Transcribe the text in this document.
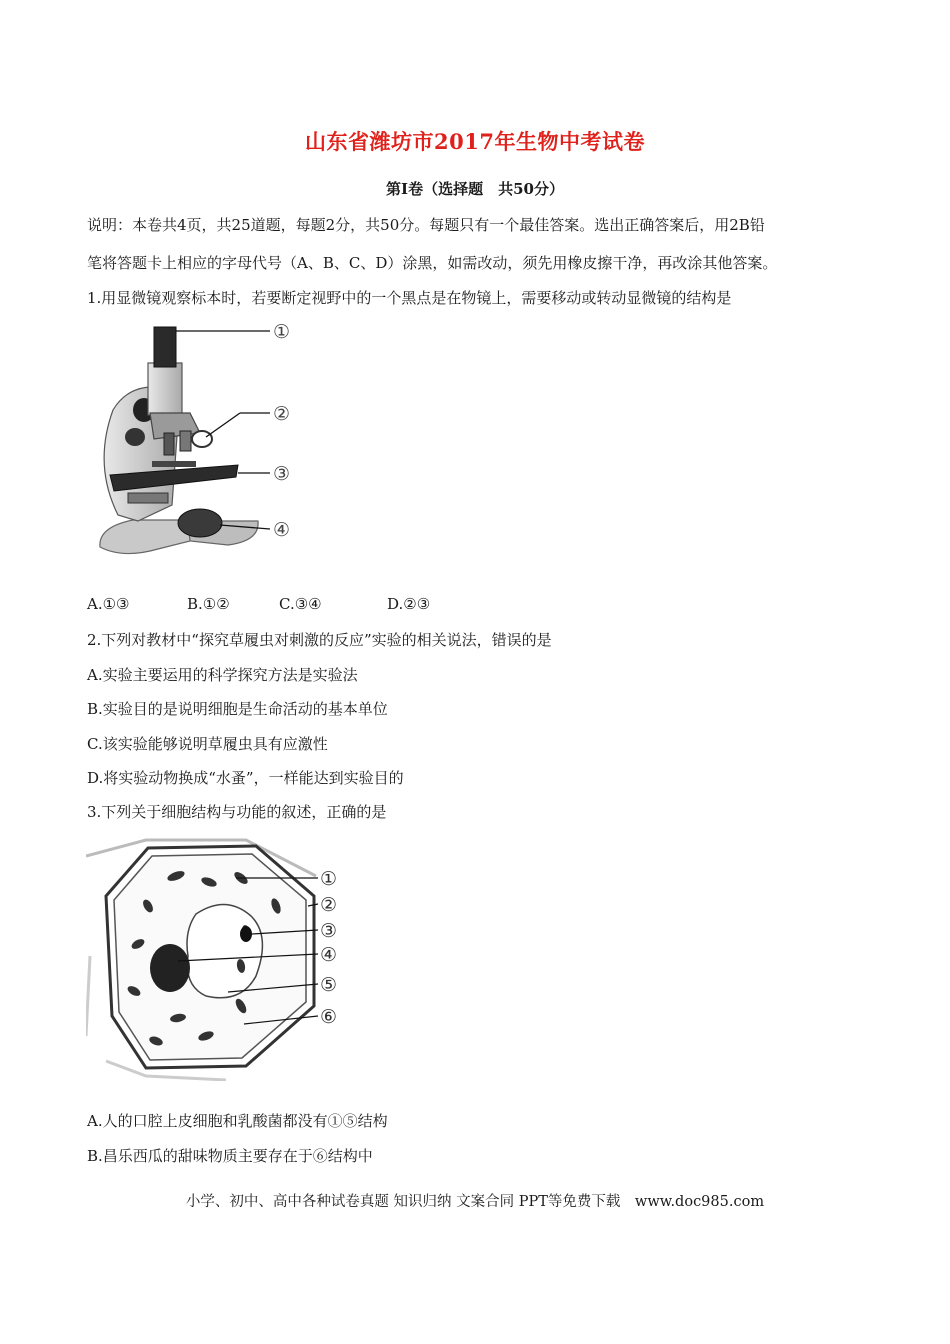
山东省潍坊市2017年生物中考试卷
第Ⅰ卷（选择题　共50分）
说明：本卷共4页，共25道题，每题2分，共50分。每题只有一个最佳答案。选出正确答案后，用2B铅
笔将答题卡上相应的字母代号（A、B、C、D）涂黑，如需改动，须先用橡皮擦干净，再改涂其他答案。
1.用显微镜观察标本时，若要断定视野中的一个黑点是在物镜上，需要移动或转动显微镜的结构是
①
②
③
④
A.①③	B.①②	C.③④	D.②③
2.下列对教材中“探究草履虫对刺激的反应”实验的相关说法，错误的是
A.实验主要运用的科学探究方法是实验法
B.实验目的是说明细胞是生命活动的基本单位
C.该实验能够说明草履虫具有应激性
D.将实验动物换成“水蚤”，一样能达到实验目的
3.下列关于细胞结构与功能的叙述，正确的是
①
②
③
④
⑤
⑥
A.人的口腔上皮细胞和乳酸菌都没有①⑤结构
B.昌乐西瓜的甜味物质主要存在于⑥结构中
小学、初中、高中各种试卷真题 知识归纳 文案合同 PPT等免费下载　www.doc985.com
